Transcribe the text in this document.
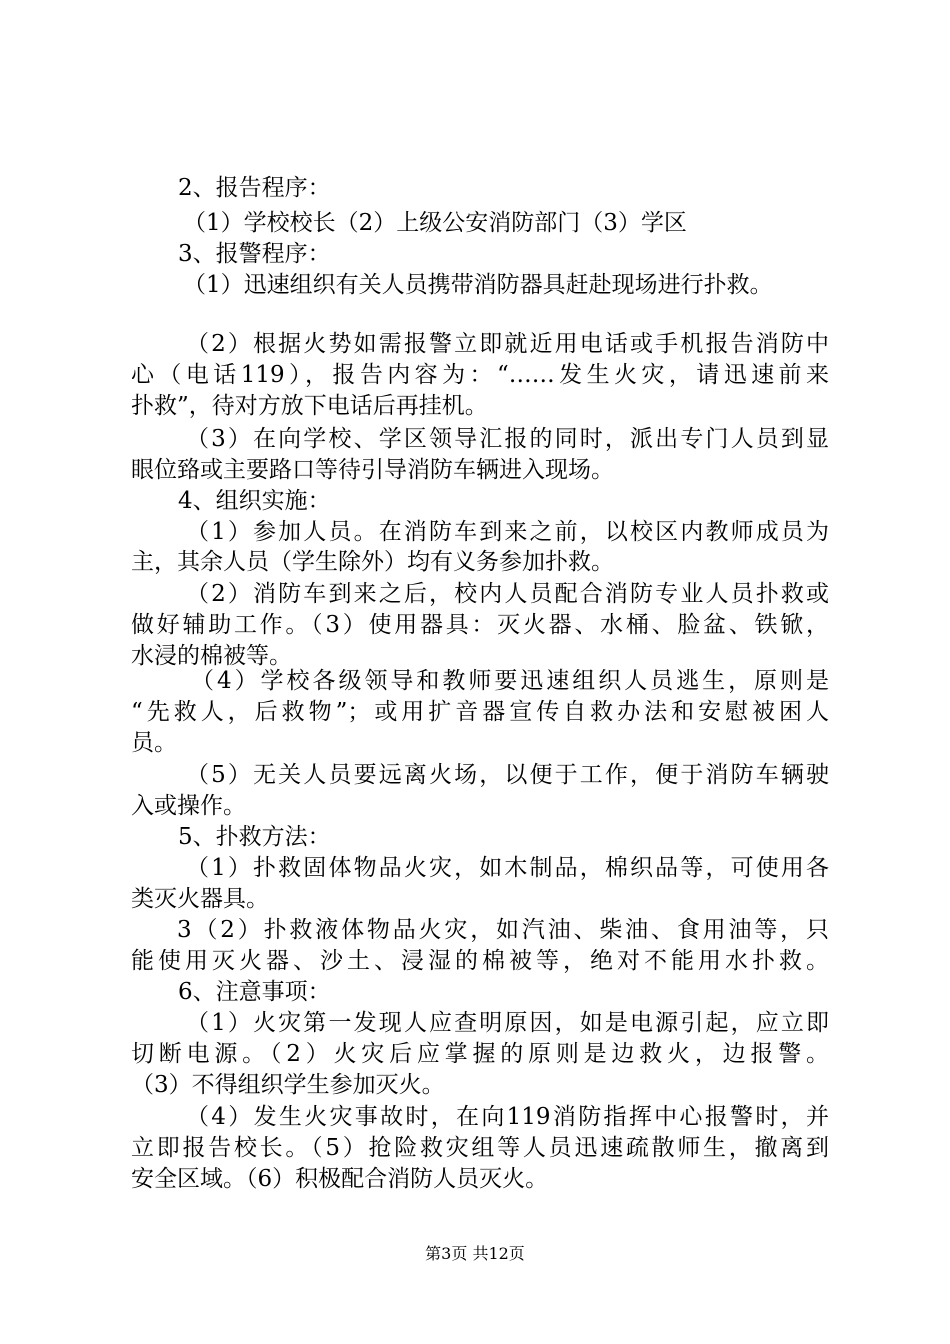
2、报告程序：
（1）学校校长（2）上级公安消防部门（3）学区
3、报警程序：
（1）迅速组织有关人员携带消防器具赶赴现场进行扑救。
（2）根据火势如需报警立即就近用电话或手机报告消防中
心（电话119），报告内容为：“……发生火灾，请迅速前来
扑救”，待对方放下电话后再挂机。
（3）在向学校、学区领导汇报的同时，派出专门人员到显
眼位臵或主要路口等待引导消防车辆进入现场。
4、组织实施：
（1）参加人员。在消防车到来之前，以校区内教师成员为
主，其余人员（学生除外）均有义务参加扑救。
（2）消防车到来之后，校内人员配合消防专业人员扑救或
做好辅助工作。（3）使用器具：灭火器、水桶、脸盆、铁锨，
水浸的棉被等。
（4）学校各级领导和教师要迅速组织人员逃生，原则是
“先救人，后救物”；或用扩音器宣传自救办法和安慰被困人
员。
（5）无关人员要远离火场，以便于工作，便于消防车辆驶
入或操作。
5、扑救方法：
（1）扑救固体物品火灾，如木制品，棉织品等，可使用各
类灭火器具。
3（2）扑救液体物品火灾，如汽油、柴油、食用油等，只
能使用灭火器、沙土、浸湿的棉被等，绝对不能用水扑救。
6、注意事项：
（1）火灾第一发现人应查明原因，如是电源引起，应立即
切断电源。（2）火灾后应掌握的原则是边救火，边报警。
（3）不得组织学生参加灭火。
（4）发生火灾事故时，在向119消防指挥中心报警时，并
立即报告校长。（5）抢险救灾组等人员迅速疏散师生，撤离到
安全区域。（6）积极配合消防人员灭火。
第3页 共12页
